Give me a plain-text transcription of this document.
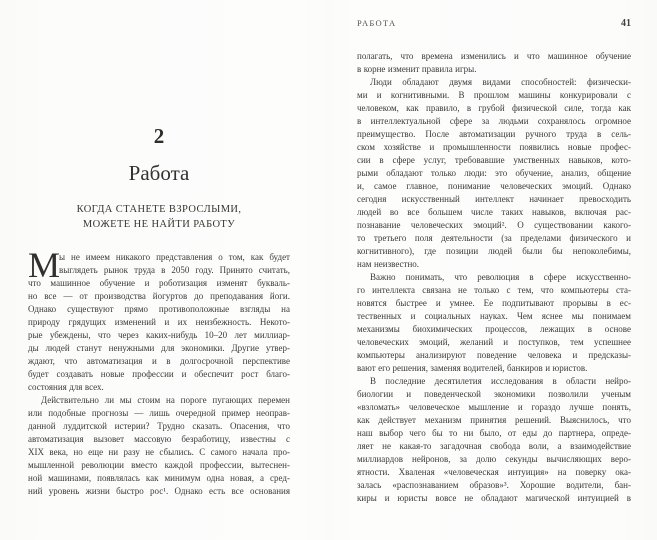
2
Работа
КОГДА СТАНЕТЕ ВЗРОСЛЫМИ,
МОЖЕТЕ НЕ НАЙТИ РАБОТУ
М
ы не имеем никакого представления о том, как будет
выглядеть рынок труда в 2050 году. Принято считать,
что машинное обучение и роботизация изменят букваль-
но все — от производства йогуртов до преподавания йоги.
Однако существуют прямо противоположные взгляды на
природу грядущих изменений и их неизбежность. Некото-
рые убеждены, что через каких-нибудь 10–20 лет миллиар-
ды людей станут ненужными для экономики. Другие утвер-
ждают, что автоматизация и в долгосрочной перспективе
будет создавать новые профессии и обеспечит рост благо-
состояния для всех.
Действительно ли мы стоим на пороге пугающих перемен
или подобные прогнозы — лишь очередной пример неоправ-
данной луддитской истерии? Трудно сказать. Опасения, что
автоматизация вызовет массовую безработицу, известны с
XIX века, но еще ни разу не сбылись. С самого начала про-
мышленной революции вместо каждой профессии, вытеснен-
ной машинами, появлялась как минимум одна новая, а сред-
ний уровень жизни быстро рос¹. Однако есть все основания
РАБОТА	41
полагать, что времена изменились и что машинное обучение
в корне изменит правила игры.
Люди обладают двумя видами способностей: физически-
ми и когнитивными. В прошлом машины конкурировали с
человеком, как правило, в грубой физической силе, тогда как
в интеллектуальной сфере за людьми сохранялось огромное
преимущество. После автоматизации ручного труда в сель-
ском хозяйстве и промышленности появились новые профес-
сии в сфере услуг, требовавшие умственных навыков, кото-
рыми обладают только люди: это обучение, анализ, общение
и, самое главное, понимание человеческих эмоций. Однако
сегодня искусственный интеллект начинает превосходить
людей во все большем числе таких навыков, включая рас-
познавание человеческих эмоций². О существовании какого-
то третьего поля деятельности (за пределами физического и
когнитивного), где позиции людей были бы непоколебимы,
нам неизвестно.
Важно понимать, что революция в сфере искусственно-
го интеллекта связана не только с тем, что компьютеры ста-
новятся быстрее и умнее. Ее подпитывают прорывы в ес-
тественных и социальных науках. Чем яснее мы понимаем
механизмы биохимических процессов, лежащих в основе
человеческих эмоций, желаний и поступков, тем успешнее
компьютеры анализируют поведение человека и предсказы-
вают его решения, заменяя водителей, банкиров и юристов.
В последние десятилетия исследования в области нейро-
биологии и поведенческой экономики позволили ученым
«взломать» человеческое мышление и гораздо лучше понять,
как действует механизм принятия решений. Выяснилось, что
наш выбор чего бы то ни было, от еды до партнера, опреде-
ляет не какая-то загадочная свобода воли, а взаимодействие
миллиардов нейронов, за долю секунды вычисляющих веро-
ятности. Хваленая «человеческая интуиция» на поверку ока-
залась «распознаванием образов»³. Хорошие водители, бан-
киры и юристы вовсе не обладают магической интуицией в
